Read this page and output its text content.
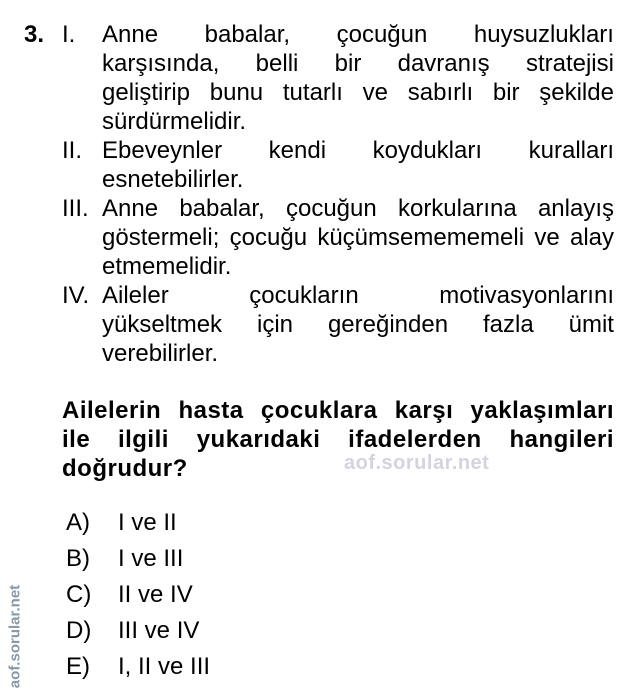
3. I. Anne babalar, çocuğun huysuzlukları
karşısında, belli bir davranış stratejisi
geliştirip bunu tutarlı ve sabırlı bir şekilde
sürdürmelidir.
II. Ebeveynler kendi koydukları kuralları
esnetebilirler.
III. Anne babalar, çocuğun korkularına anlayış
göstermeli; çocuğu küçümsemememeli ve alay
etmemelidir.
IV. Aileler	çocukların	motivasyonlarını
yükseltmek için gereğinden fazla ümit
verebilirler.
Ailelerin hasta çocuklara karşı yaklaşımları
ile ilgili yukarıdaki ifadelerden hangileri
doğrudur?	aof.sorular.net
A)	I ve II
B)	I ve III
C)	II ve IV
D)	III ve IV
E)	I, II ve III
aof.sorular.net
